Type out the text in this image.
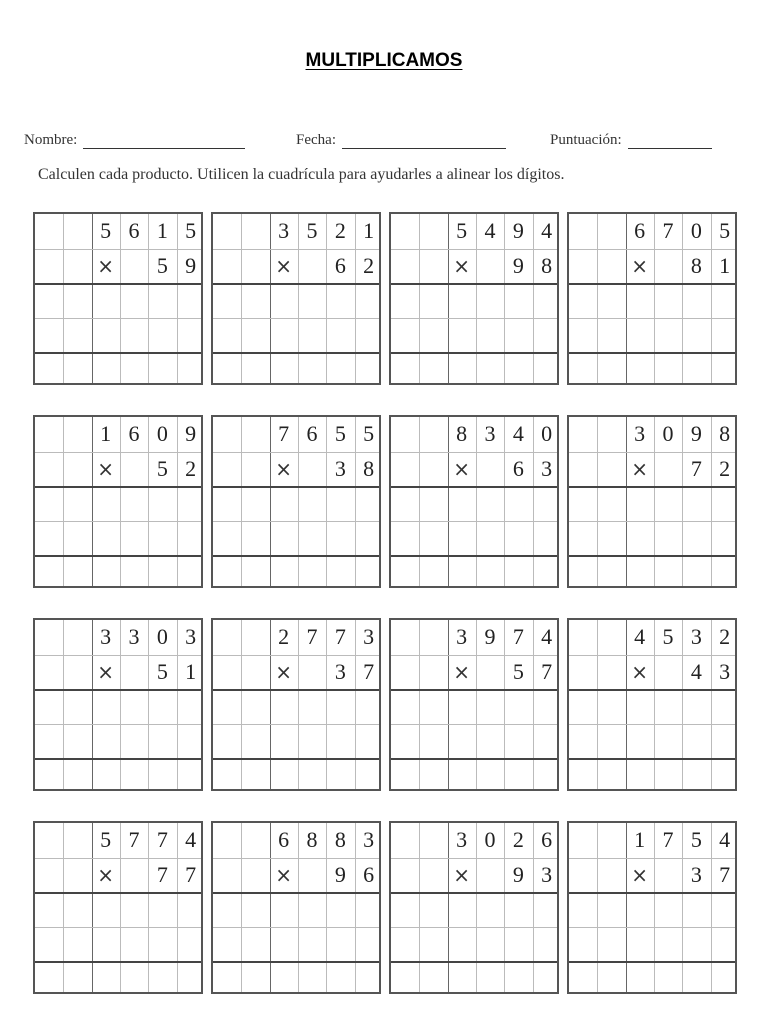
MULTIPLICAMOS
Nombre:	Fecha:	Puntuación:
Calculen cada producto. Utilicen la cuadrícula para ayudarles a alinear los dígitos.
5 6 1 5
×	5 9
3 5 2 1
×	6 2
5 4 9 4
×	9 8
6 7 0 5
×	8 1
1 6 0 9
×	5 2
7 6 5 5
×	3 8
8 3 4 0
×	6 3
3 0 9 8
×	7 2
3 3 0 3
×	5 1
2 7 7 3
×	3 7
3 9 7 4
×	5 7
4 5 3 2
×	4 3
5 7 7 4
×	7 7
6 8 8 3
×	9 6
3 0 2 6
×	9 3
1 7 5 4
×	3 7
